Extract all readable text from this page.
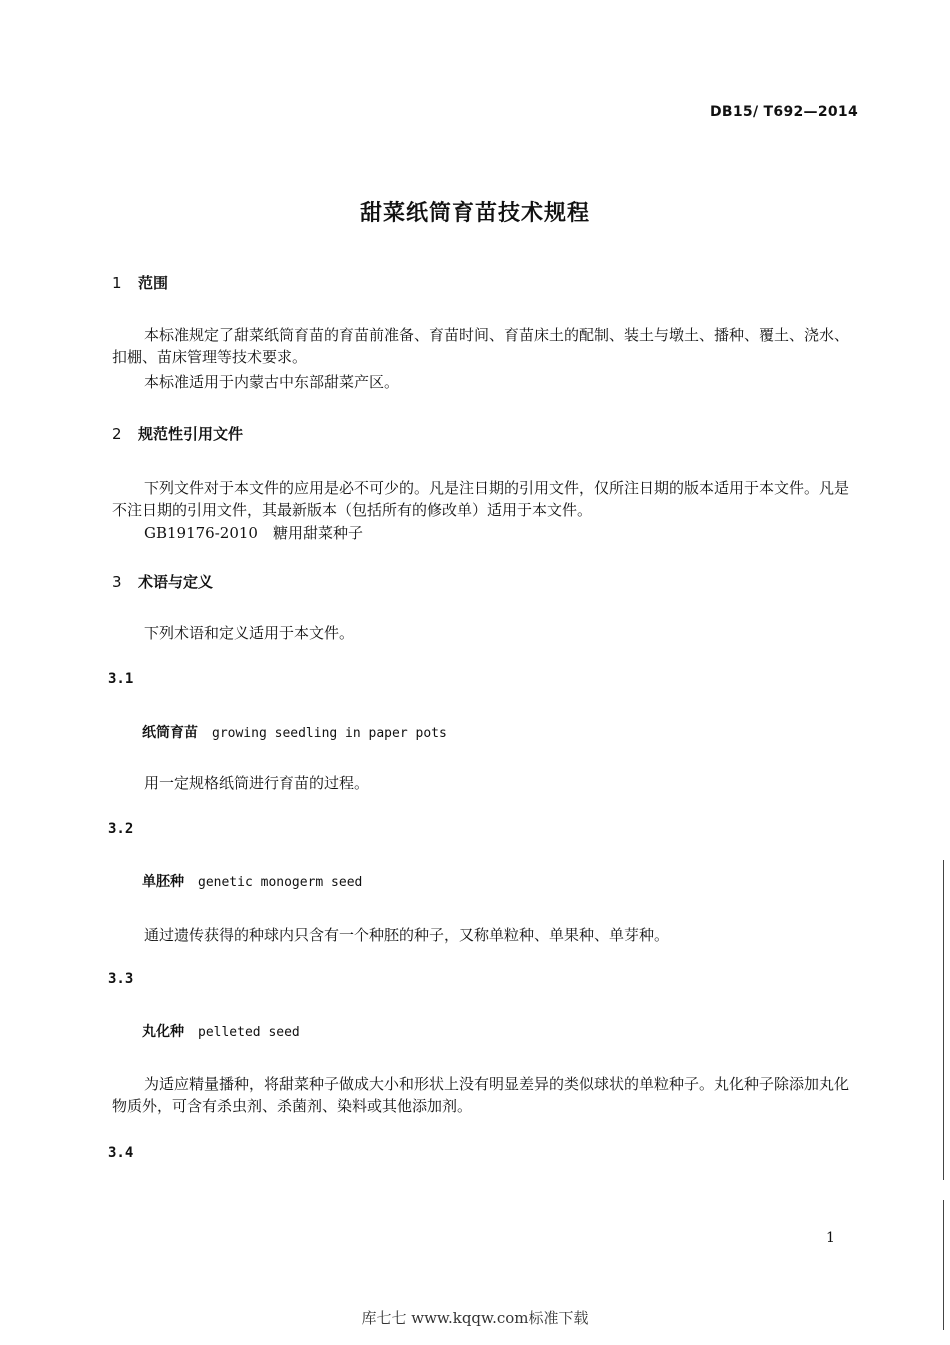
DB15/ T692—2014
甜菜纸筒育苗技术规程
1 范围
本标准规定了甜菜纸筒育苗的育苗前准备、育苗时间、育苗床土的配制、装土与墩土、播种、覆土、浇水、扣棚、苗床管理等技术要求。
本标准适用于内蒙古中东部甜菜产区。
2 规范性引用文件
下列文件对于本文件的应用是必不可少的。凡是注日期的引用文件，仅所注日期的版本适用于本文件。凡是不注日期的引用文件，其最新版本（包括所有的修改单）适用于本文件。
GB19176-2010　糖用甜菜种子
3 术语与定义
下列术语和定义适用于本文件。
3.1
纸筒育苗 growing seedling in paper pots
用一定规格纸筒进行育苗的过程。
3.2
单胚种 genetic monogerm seed
通过遗传获得的种球内只含有一个种胚的种子，又称单粒种、单果种、单芽种。
3.3
丸化种 pelleted seed
为适应精量播种，将甜菜种子做成大小和形状上没有明显差异的类似球状的单粒种子。丸化种子除添加丸化物质外，可含有杀虫剂、杀菌剂、染料或其他添加剂。
3.4
1
库七七 www.kqqw.com标准下载
